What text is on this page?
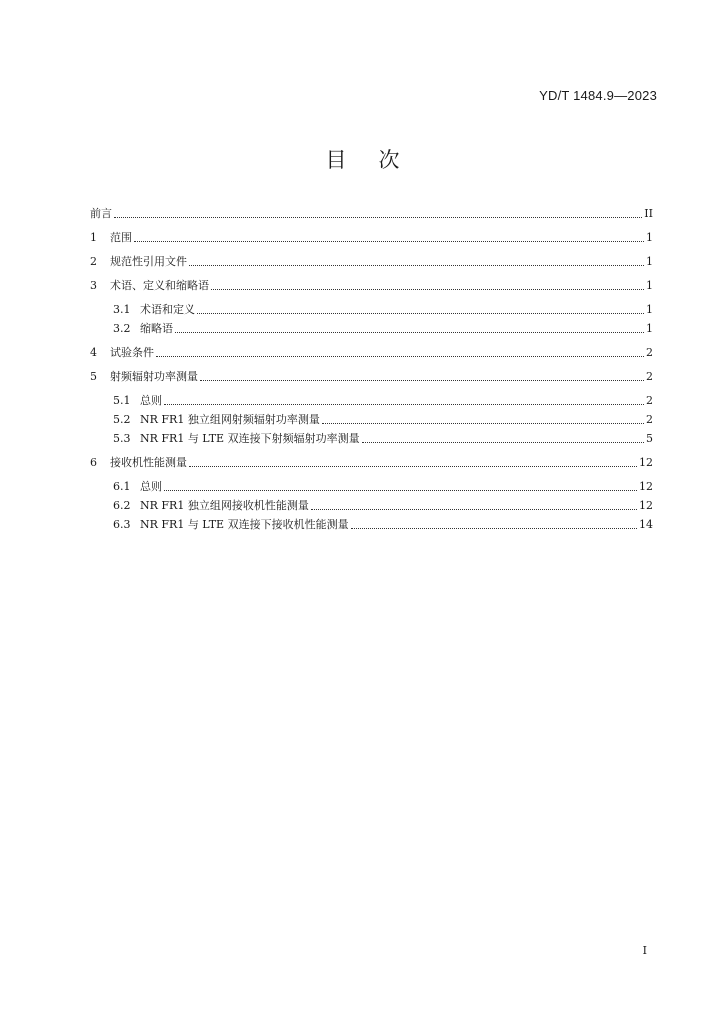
YD/T 1484.9—2023
目次
前言	II
1	范围	1
2	规范性引用文件	1
3	术语、定义和缩略语	1
3.1 术语和定义	1
3.2 缩略语	1
4	试验条件	2
5	射频辐射功率测量	2
5.1 总则	2
5.2 NR FR1 独立组网射频辐射功率测量	2
5.3 NR FR1 与 LTE 双连接下射频辐射功率测量	5
6	接收机性能测量	12
6.1 总则	12
6.2 NR FR1 独立组网接收机性能测量	12
6.3 NR FR1 与 LTE 双连接下接收机性能测量	14
I
